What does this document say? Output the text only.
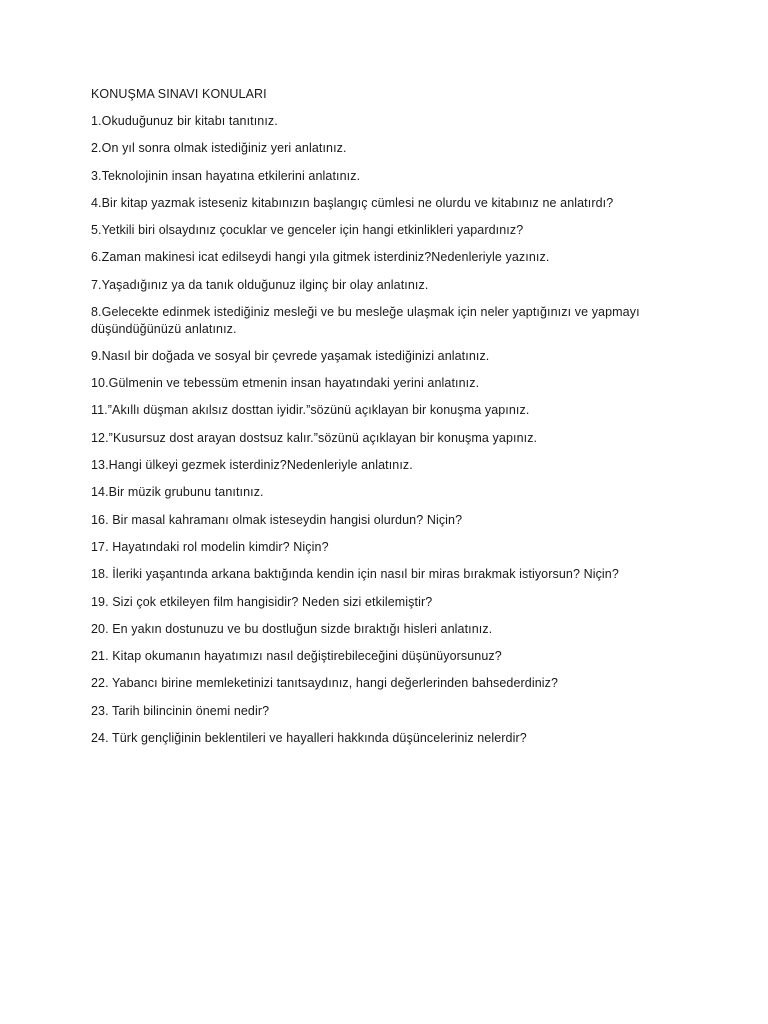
KONUŞMA SINAVI KONULARI
1.Okuduğunuz bir kitabı tanıtınız.
2.On yıl sonra olmak istediğiniz yeri anlatınız.
3.Teknolojinin insan hayatına etkilerini anlatınız.
4.Bir kitap yazmak isteseniz kitabınızın başlangıç cümlesi ne olurdu ve kitabınız ne anlatırdı?
5.Yetkili biri olsaydınız çocuklar ve genceler için hangi etkinlikleri yapardınız?
6.Zaman makinesi icat edilseydi hangi yıla gitmek isterdiniz?Nedenleriyle yazınız.
7.Yaşadığınız ya da tanık olduğunuz ilginç bir olay anlatınız.
8.Gelecekte edinmek istediğiniz mesleği ve bu mesleğe ulaşmak için neler yaptığınızı ve yapmayı düşündüğünüzü anlatınız.
9.Nasıl bir doğada ve sosyal bir çevrede yaşamak istediğinizi anlatınız.
10.Gülmenin ve tebessüm etmenin insan hayatındaki yerini anlatınız.
11.”Akıllı düşman akılsız dosttan iyidir.”sözünü açıklayan bir konuşma yapınız.
12.”Kusursuz dost arayan dostsuz kalır.”sözünü açıklayan bir konuşma yapınız.
13.Hangi ülkeyi gezmek isterdiniz?Nedenleriyle anlatınız.
14.Bir müzik grubunu tanıtınız.
16. Bir masal kahramanı olmak isteseydin hangisi olurdun? Niçin?
17. Hayatındaki rol modelin kimdir? Niçin?
18. İleriki yaşantında arkana baktığında kendin için nasıl bir miras bırakmak istiyorsun? Niçin?
19. Sizi çok etkileyen film hangisidir? Neden sizi etkilemiştir?
20. En yakın dostunuzu ve bu dostluğun sizde bıraktığı hisleri anlatınız.
21. Kitap okumanın hayatımızı nasıl değiştirebileceğini düşünüyorsunuz?
22. Yabancı birine memleketinizi tanıtsaydınız, hangi değerlerinden bahsederdiniz?
23. Tarih bilincinin önemi nedir?
24. Türk gençliğinin beklentileri ve hayalleri hakkında düşünceleriniz nelerdir?
